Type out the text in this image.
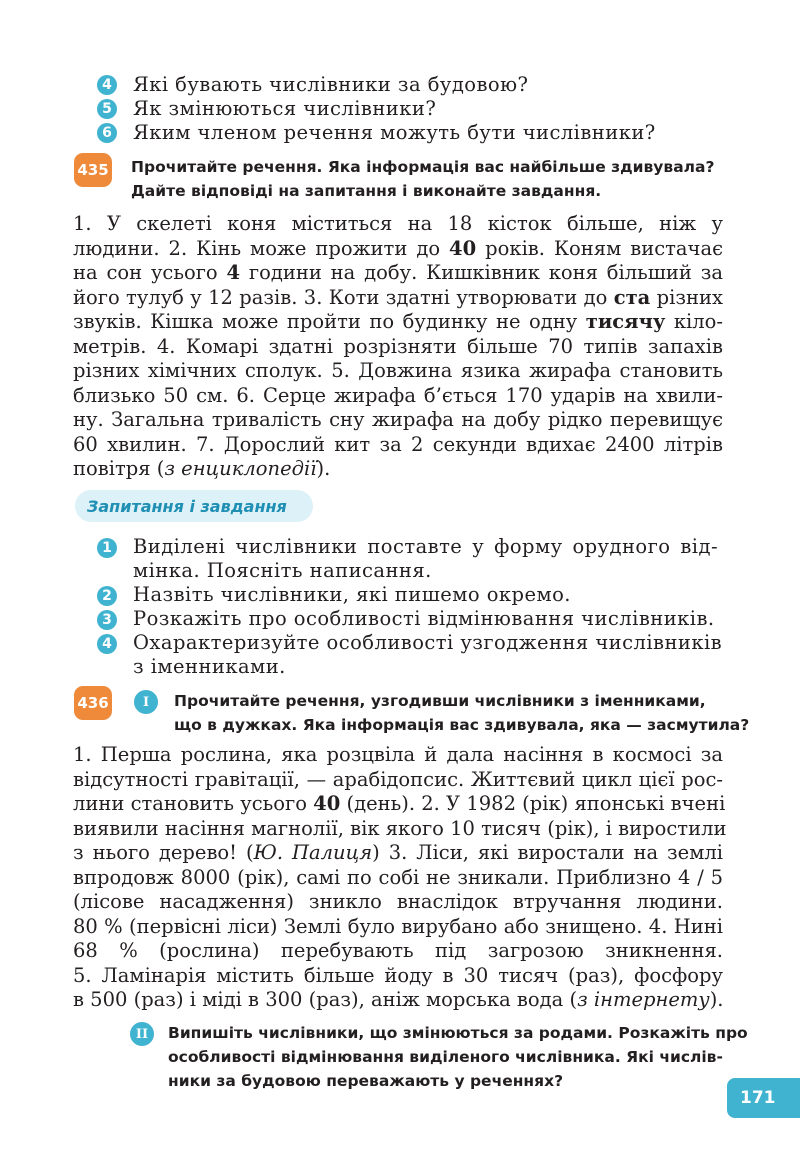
4 Які бувають числівники за будовою?
5 Як змінюються числівники?
6 Яким членом речення можуть бути числівники?
435 Прочитайте речення. Яка інформація вас найбільше здивувала?
Дайте відповіді на запитання і виконайте завдання.
1. У скелеті коня міститься на 18 кісток більше, ніж у
людини. 2. Кінь може прожити до 40 років. Коням вистачає
на сон усього 4 години на добу. Кишківник коня більший за
його тулуб у 12 разів. 3. Коти здатні утворювати до ста різних
звуків. Кішка може пройти по будинку не одну тисячу кіло-
метрів. 4. Комарі здатні розрізняти більше 70 типів запахів
різних хімічних сполук. 5. Довжина язика жирафа становить
близько 50 см. 6. Серце жирафа б’ється 170 ударів на хвили-
ну. Загальна тривалість сну жирафа на добу рідко перевищує
60 хвилин. 7. Дорослий кит за 2 секунди вдихає 2400 літрів
повітря (з енциклопедії).
Запитання і завдання
1 Виділені числівники поставте у форму орудного від-
мінка. Поясніть написання.
2 Назвіть числівники, які пишемо окремо.
3 Розкажіть про особливості відмінювання числівників.
4 Охарактеризуйте особливості узгодження числівників
з іменниками.
436	I	Прочитайте речення, узгодивши числівники з іменниками,
що в дужках. Яка інформація вас здивувала, яка — засмутила?
1. Перша рослина, яка розцвіла й дала насіння в космосі за
відсутності гравітації, — арабідопсис. Життєвий цикл цієї рос-
лини становить усього 40 (день). 2. У 1982 (рік) японські вчені
виявили насіння магнолії, вік якого 10 тисяч (рік), і виростили
з нього дерево! (Ю. Палиця) 3. Ліси, які виростали на землі
впродовж 8000 (рік), самі по собі не зникали. Приблизно 4 / 5
(лісове насадження) зникло внаслідок втручання людини.
80 % (первісні ліси) Землі було вирубано або знищено. 4. Нині
68 % (рослина) перебувають під загрозою зникнення.
5. Ламінарія містить більше йоду в 30 тисяч (раз), фосфору
в 500 (раз) і міді в 300 (раз), аніж морська вода (з інтернету).
II	Випишіть числівники, що змінюються за родами. Розкажіть про
особливості відмінювання виділеного числівника. Які числів-
ники за будовою переважають у реченнях?
171
